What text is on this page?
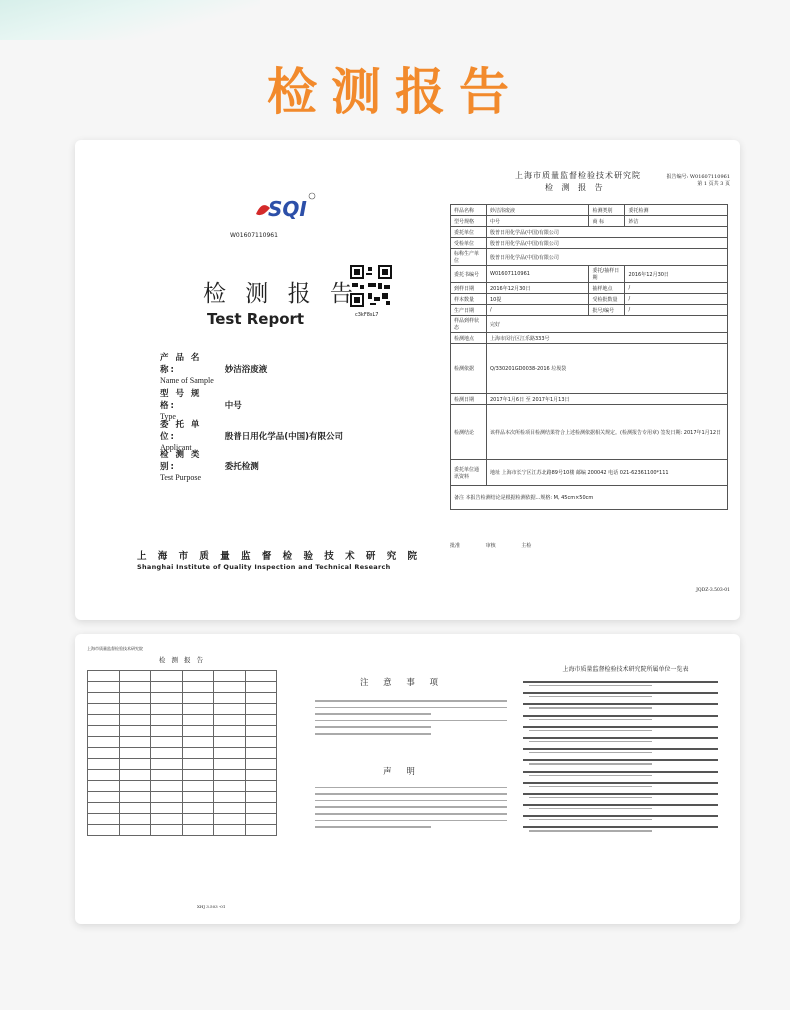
检测报告
SQI
W01607110961
c3kF8sL7
检 测 报 告
Test Report
产 品 名 称:	妙洁浴废液
Name of Sample
型 号 规 格:	中号
Type
委 托 单 位:	殷普日用化学品(中国)有限公司
Applicant
检 测 类 别:	委托检测
Test Purpose
上 海 市 质 量 监 督 检 验 技 术 研 究 院
Shanghai Institute of Quality Inspection and Technical Research
上海市质量监督检验技术研究院
检 测 报 告
报告编号: W01607110961
第 1 页共 3 页
样品名称	妙洁浴废液	检测类别	委托检测
型号规格	中号	商 标	妙洁
委托单位	殷普日用化学品(中国)有限公司		
受检单位	殷普日用化学品(中国)有限公司		
标称生产单位	殷普日用化学品(中国)有限公司		
委托书编号	W01607110961	委托/抽样日期	2016年12月30日
到样日期	2016年12月30日	抽样地点	/
样本数量	10提	受检批数量	/
生产日期	/	批号/编号	/
样品到样状态	完好		
检测地点	上海市闵行区江乐路333号		
检测依据	Q/330201GD0038-2016 垃圾袋		
检测日期	2017年1月6日 至 2017年1月13日		
检测结论	该样品本次所检项目检测结果符合上述检测依据相关规定。(检测报告专用章) 签发日期: 2017年1月12日		
委托单位通讯资料	地址 上海市长宁区江苏北路89号10楼 邮编 200042 电话 021-62361100*111		
备注 本报告检测结论是根据检测依据...规格: M, 45cm×50cm			
批准	审核	主检
JQDZ-3.503-01
上海市质量监督检验技术研究院
检 测 报 告

XHJ 3.503 -01
注 意 事 项
声 明
上海市质量监督检验技术研究院所属单位一览表
